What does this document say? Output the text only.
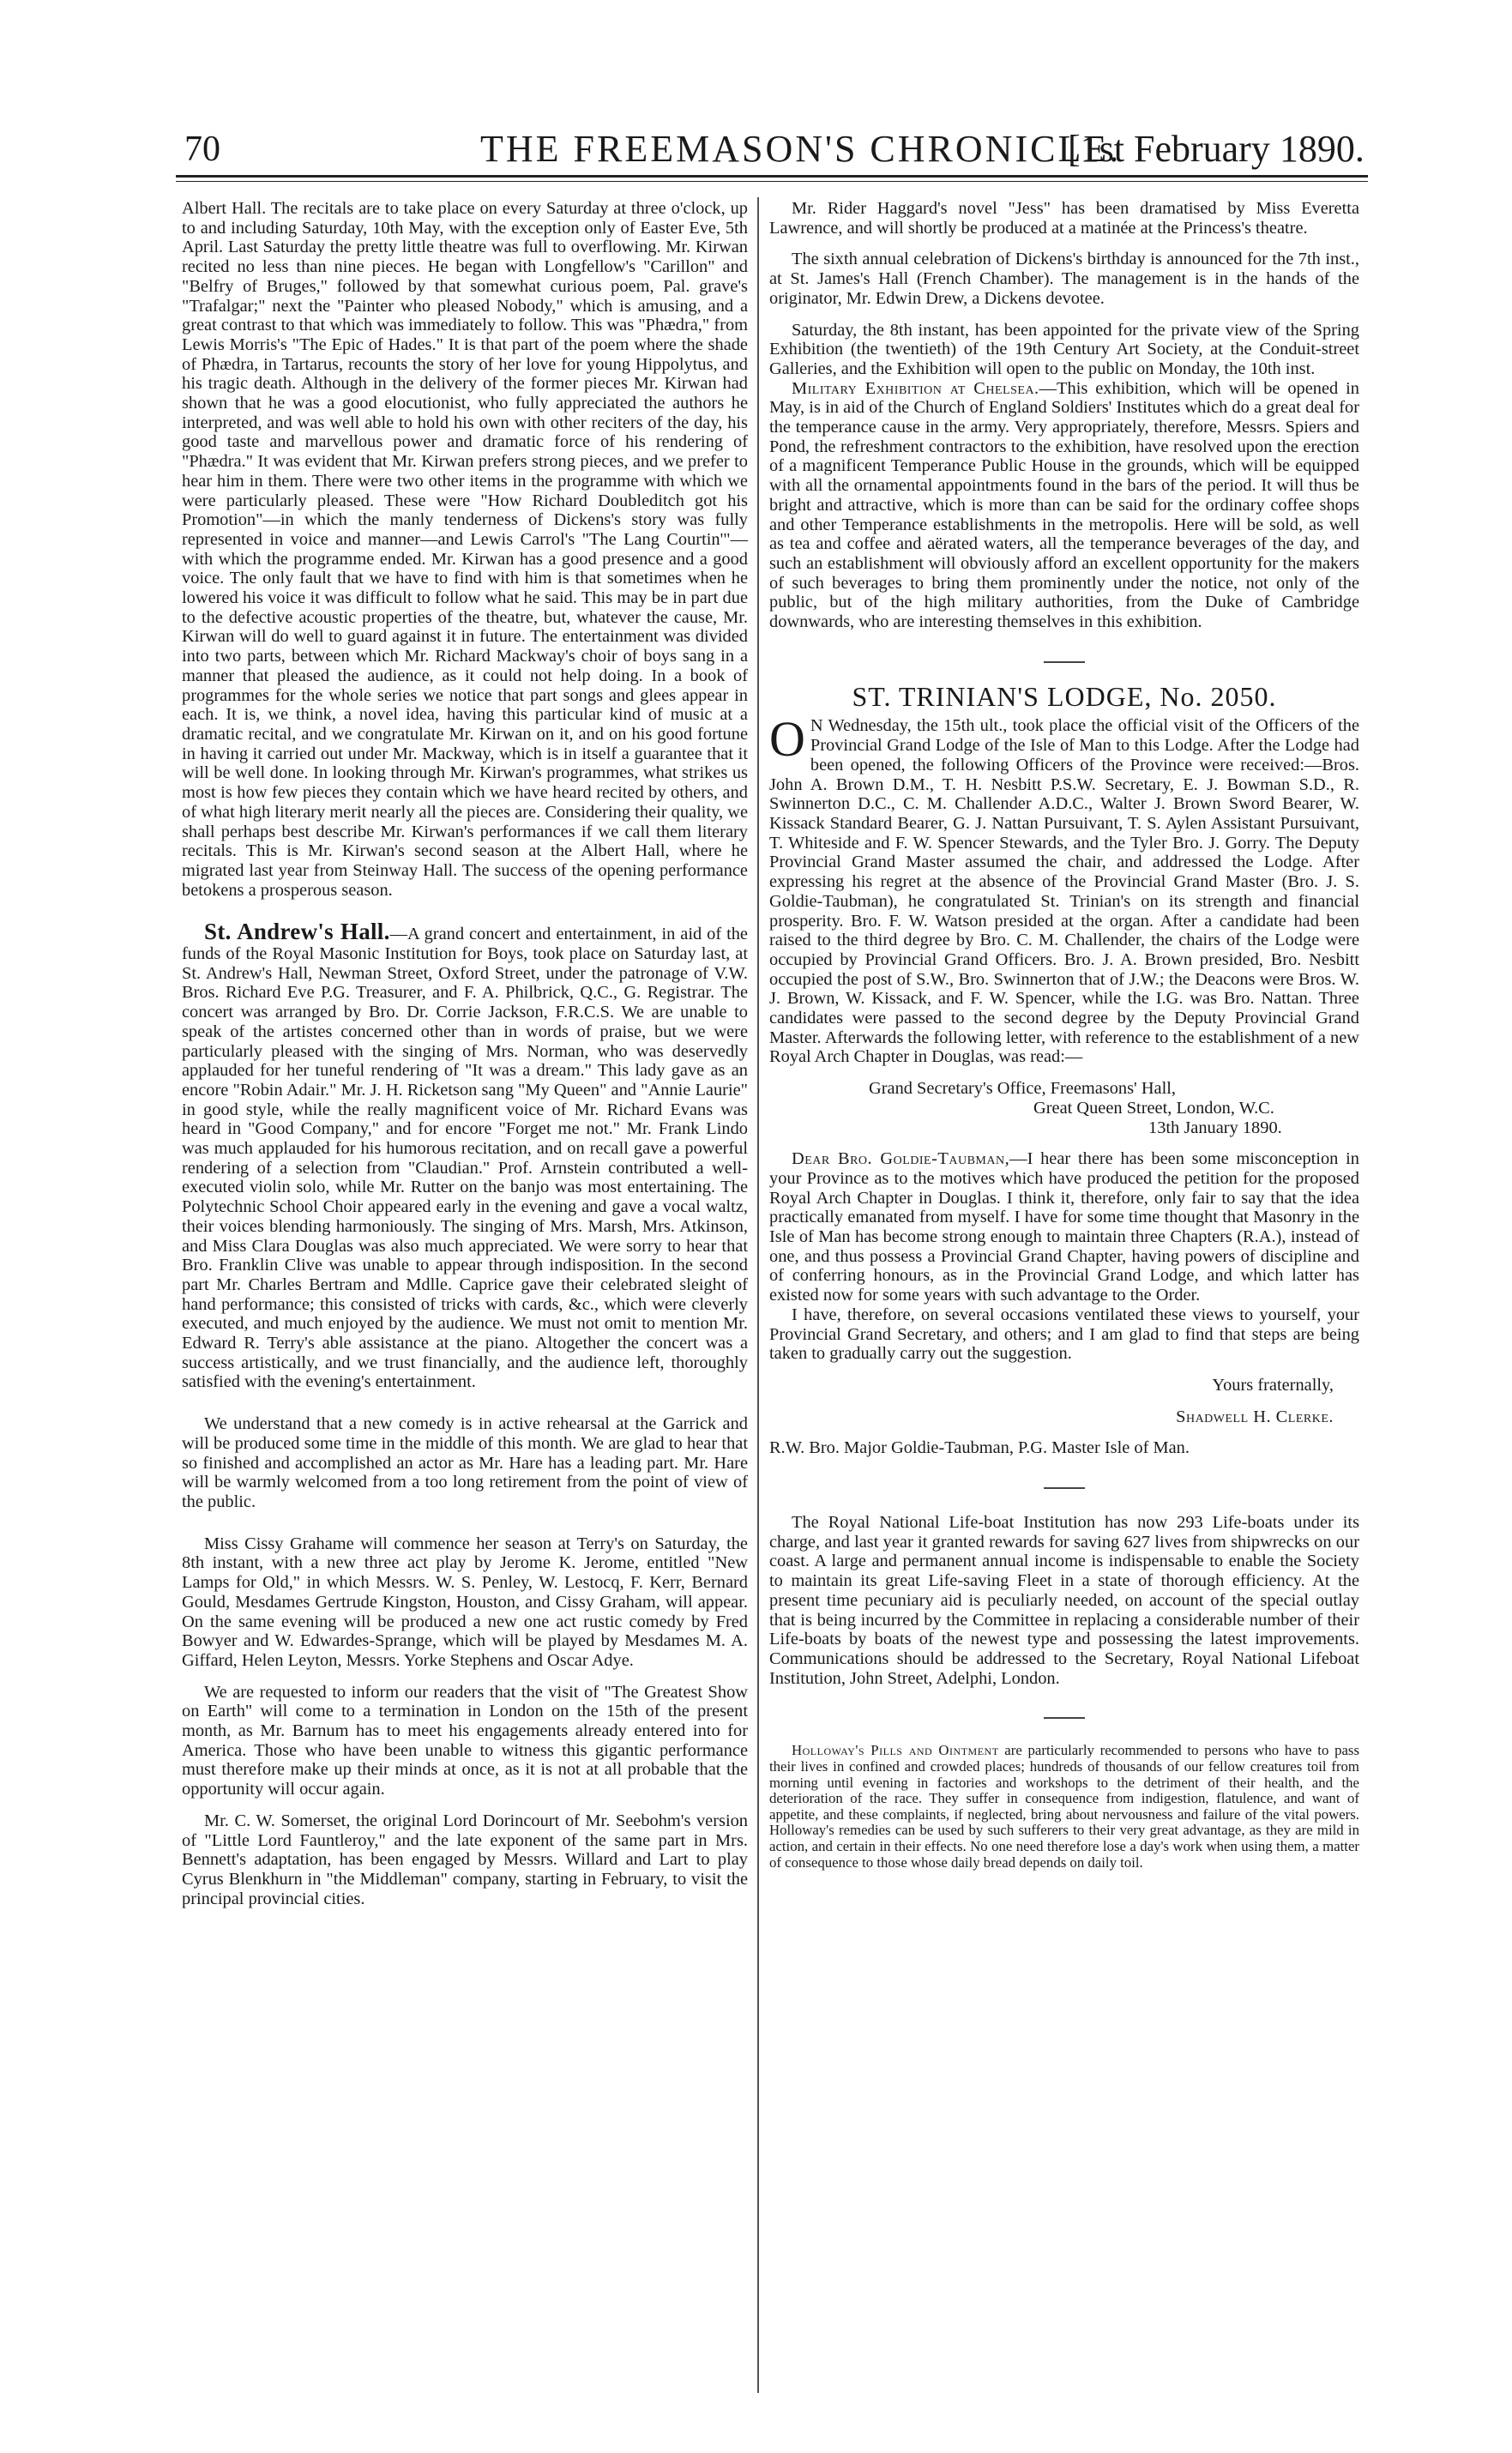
70	THE FREEMASON'S CHRONICLE.
[1st February 1890.

Albert Hall. The recitals are to take place on every Saturday at three o'clock, up to and including Saturday, 10th May, with the exception only of Easter Eve, 5th April. Last Saturday the pretty little theatre was full to overflowing. Mr. Kirwan recited no less than nine pieces. He began with Longfellow's "Carillon" and "Belfry of Bruges," followed by that somewhat curious poem, Pal. grave's "Trafalgar;" next the "Painter who pleased Nobody," which is amusing, and a great contrast to that which was immediately to follow. This was "Phædra," from Lewis Morris's "The Epic of Hades." It is that part of the poem where the shade of Phædra, in Tartarus, recounts the story of her love for young Hippolytus, and his tragic death. Although in the delivery of the former pieces Mr. Kirwan had shown that he was a good elocutionist, who fully appreciated the authors he interpreted, and was well able to hold his own with other reciters of the day, his good taste and marvellous power and dramatic force of his rendering of "Phædra." It was evident that Mr. Kirwan prefers strong pieces, and we prefer to hear him in them. There were two other items in the programme with which we were particularly pleased. These were "How Richard Doubleditch got his Promotion"—in which the manly tenderness of Dickens's story was fully represented in voice and manner—and Lewis Carrol's "The Lang Courtin'"—with which the programme ended. Mr. Kirwan has a good presence and a good voice. The only fault that we have to find with him is that sometimes when he lowered his voice it was difficult to follow what he said. This may be in part due to the defective acoustic properties of the theatre, but, whatever the cause, Mr. Kirwan will do well to guard against it in future. The entertainment was divided into two parts, between which Mr. Richard Mackway's choir of boys sang in a manner that pleased the audience, as it could not help doing. In a book of programmes for the whole series we notice that part songs and glees appear in each. It is, we think, a novel idea, having this particular kind of music at a dramatic recital, and we congratulate Mr. Kirwan on it, and on his good fortune in having it carried out under Mr. Mackway, which is in itself a guarantee that it will be well done. In looking through Mr. Kirwan's programmes, what strikes us most is how few pieces they contain which we have heard recited by others, and of what high literary merit nearly all the pieces are. Considering their quality, we shall perhaps best describe Mr. Kirwan's performances if we call them literary recitals. This is Mr. Kirwan's second season at the Albert Hall, where he migrated last year from Steinway Hall. The success of the opening performance betokens a prosperous season.

St. Andrew's Hall.—A grand concert and entertainment, in aid of the funds of the Royal Masonic Institution for Boys, took place on Saturday last, at St. Andrew's Hall, Newman Street, Oxford Street, under the patronage of V.W. Bros. Richard Eve P.G. Treasurer, and F. A. Philbrick, Q.C., G. Registrar. The concert was arranged by Bro. Dr. Corrie Jackson, F.R.C.S. We are unable to speak of the artistes concerned other than in words of praise, but we were particularly pleased with the singing of Mrs. Norman, who was deservedly applauded for her tuneful rendering of "It was a dream." This lady gave as an encore "Robin Adair." Mr. J. H. Ricketson sang "My Queen" and "Annie Laurie" in good style, while the really magnificent voice of Mr. Richard Evans was heard in "Good Company," and for encore "Forget me not." Mr. Frank Lindo was much applauded for his humorous recitation, and on recall gave a powerful rendering of a selection from "Claudian." Prof. Arnstein contributed a well-executed violin solo, while Mr. Rutter on the banjo was most entertaining. The Polytechnic School Choir appeared early in the evening and gave a vocal waltz, their voices blending harmoniously. The singing of Mrs. Marsh, Mrs. Atkinson, and Miss Clara Douglas was also much appreciated. We were sorry to hear that Bro. Franklin Clive was unable to appear through indisposition. In the second part Mr. Charles Bertram and Mdlle. Caprice gave their celebrated sleight of hand performance; this consisted of tricks with cards, &c., which were cleverly executed, and much enjoyed by the audience. We must not omit to mention Mr. Edward R. Terry's able assistance at the piano. Altogether the concert was a success artistically, and we trust financially, and the audience left, thoroughly satisfied with the evening's entertainment.

We understand that a new comedy is in active rehearsal at the Garrick and will be produced some time in the middle of this month. We are glad to hear that so finished and accomplished an actor as Mr. Hare has a leading part. Mr. Hare will be warmly welcomed from a too long retirement from the point of view of the public.

Miss Cissy Grahame will commence her season at Terry's on Saturday, the 8th instant, with a new three act play by Jerome K. Jerome, entitled "New Lamps for Old," in which Messrs. W. S. Penley, W. Lestocq, F. Kerr, Bernard Gould, Mesdames Gertrude Kingston, Houston, and Cissy Graham, will appear. On the same evening will be produced a new one act rustic comedy by Fred Bowyer and W. Edwardes-Sprange, which will be played by Mesdames M. A. Giffard, Helen Leyton, Messrs. Yorke Stephens and Oscar Adye.

We are requested to inform our readers that the visit of "The Greatest Show on Earth" will come to a termination in London on the 15th of the present month, as Mr. Barnum has to meet his engagements already entered into for America. Those who have been unable to witness this gigantic performance must therefore make up their minds at once, as it is not at all probable that the opportunity will occur again.

Mr. C. W. Somerset, the original Lord Dorincourt of Mr. Seebohm's version of "Little Lord Fauntleroy," and the late exponent of the same part in Mrs. Bennett's adaptation, has been engaged by Messrs. Willard and Lart to play Cyrus Blenkhurn in "the Middleman" company, starting in February, to visit the principal provincial cities.

Mr. Rider Haggard's novel "Jess" has been dramatised by Miss Everetta Lawrence, and will shortly be produced at a matinée at the Princess's theatre.

The sixth annual celebration of Dickens's birthday is announced for the 7th inst., at St. James's Hall (French Chamber). The management is in the hands of the originator, Mr. Edwin Drew, a Dickens devotee.

Saturday, the 8th instant, has been appointed for the private view of the Spring Exhibition (the twentieth) of the 19th Century Art Society, at the Conduit-street Galleries, and the Exhibition will open to the public on Monday, the 10th inst.

Military Exhibition at Chelsea.—This exhibition, which will be opened in May, is in aid of the Church of England Soldiers' Institutes which do a great deal for the temperance cause in the army. Very appropriately, therefore, Messrs. Spiers and Pond, the refreshment contractors to the exhibition, have resolved upon the erection of a magnificent Temperance Public House in the grounds, which will be equipped with all the ornamental appointments found in the bars of the period. It will thus be bright and attractive, which is more than can be said for the ordinary coffee shops and other Temperance establishments in the metropolis. Here will be sold, as well as tea and coffee and aërated waters, all the temperance beverages of the day, and such an establishment will obviously afford an excellent opportunity for the makers of such beverages to bring them prominently under the notice, not only of the public, but of the high military authorities, from the Duke of Cambridge downwards, who are interesting themselves in this exhibition.

ST. TRINIAN'S LODGE, No. 2050.

O N Wednesday, the 15th ult., took place the official visit of the Officers of the Provincial Grand Lodge of the Isle of Man to this Lodge. After the Lodge had been opened, the following Officers of the Province were received:—Bros. John A. Brown D.M., T. H. Nesbitt P.S.W. Secretary, E. J. Bowman S.D., R. Swinnerton D.C., C. M. Challender A.D.C., Walter J. Brown Sword Bearer, W. Kissack Standard Bearer, G. J. Nattan Pursuivant, T. S. Aylen Assistant Pursuivant, T. Whiteside and F. W. Spencer Stewards, and the Tyler Bro. J. Gorry. The Deputy Provincial Grand Master assumed the chair, and addressed the Lodge. After expressing his regret at the absence of the Provincial Grand Master (Bro. J. S. Goldie-Taubman), he congratulated St. Trinian's on its strength and financial prosperity. Bro. F. W. Watson presided at the organ. After a candidate had been raised to the third degree by Bro. C. M. Challender, the chairs of the Lodge were occupied by Provincial Grand Officers. Bro. J. A. Brown presided, Bro. Nesbitt occupied the post of S.W., Bro. Swinnerton that of J.W.; the Deacons were Bros. W. J. Brown, W. Kissack, and F. W. Spencer, while the I.G. was Bro. Nattan. Three candidates were passed to the second degree by the Deputy Provincial Grand Master. Afterwards the following letter, with reference to the establishment of a new Royal Arch Chapter in Douglas, was read:—

Grand Secretary's Office, Freemasons' Hall,

Great Queen Street, London, W.C.

13th January 1890.

Dear Bro. Goldie-Taubman,—I hear there has been some misconception in your Province as to the motives which have produced the petition for the proposed Royal Arch Chapter in Douglas. I think it, therefore, only fair to say that the idea practically emanated from myself. I have for some time thought that Masonry in the Isle of Man has become strong enough to maintain three Chapters (R.A.), instead of one, and thus possess a Provincial Grand Chapter, having powers of discipline and of conferring honours, as in the Provincial Grand Lodge, and which latter has existed now for some years with such advantage to the Order.

I have, therefore, on several occasions ventilated these views to yourself, your Provincial Grand Secretary, and others; and I am glad to find that steps are being taken to gradually carry out the suggestion.

Yours fraternally,

Shadwell H. Clerke.

R.W. Bro. Major Goldie-Taubman, P.G. Master Isle of Man.

The Royal National Life-boat Institution has now 293 Life-boats under its charge, and last year it granted rewards for saving 627 lives from shipwrecks on our coast. A large and permanent annual income is indispensable to enable the Society to maintain its great Life-saving Fleet in a state of thorough efficiency. At the present time pecuniary aid is peculiarly needed, on account of the special outlay that is being incurred by the Committee in replacing a considerable number of their Life-boats by boats of the newest type and possessing the latest improvements. Communications should be addressed to the Secretary, Royal National Lifeboat Institution, John Street, Adelphi, London.

Holloway's Pills and Ointment are particularly recommended to persons who have to pass their lives in confined and crowded places; hundreds of thousands of our fellow creatures toil from morning until evening in factories and workshops to the detriment of their health, and the deterioration of the race. They suffer in consequence from indigestion, flatulence, and want of appetite, and these complaints, if neglected, bring about nervousness and failure of the vital powers. Holloway's remedies can be used by such sufferers to their very great advantage, as they are mild in action, and certain in their effects. No one need therefore lose a day's work when using them, a matter of consequence to those whose daily bread depends on daily toil.
